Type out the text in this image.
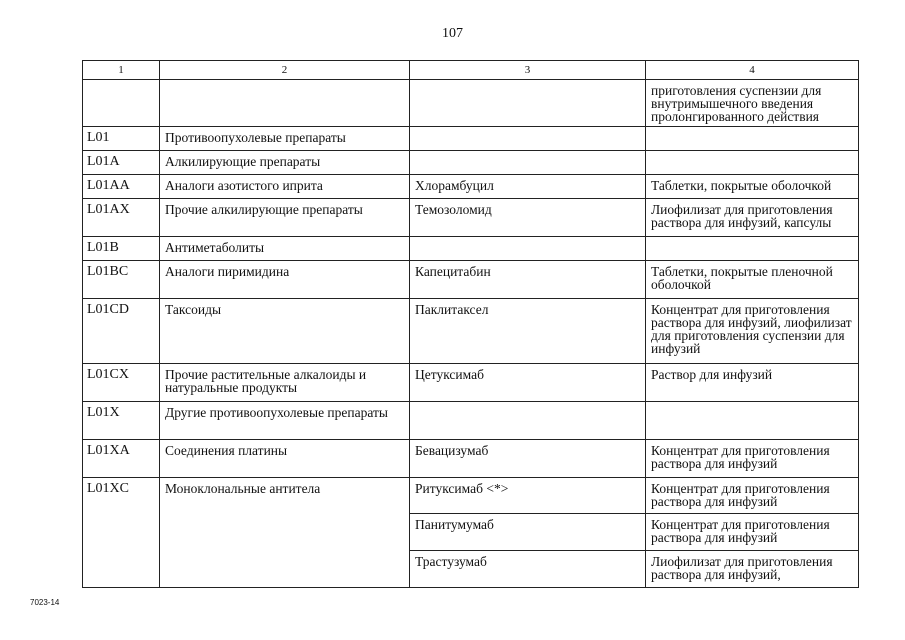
107
1	2	3	4
			приготовления суспензии для внутримышечного введения пролонгированного действия
L01	Противоопухолевые препараты		
L01A	Алкилирующие препараты		
L01AA	Аналоги азотистого иприта	Хлорамбуцил	Таблетки, покрытые оболочкой
L01AX	Прочие алкилирующие препараты	Темозоломид	Лиофилизат для приготовления раствора для инфузий, капсулы
L01B	Антиметаболиты		
L01BC	Аналоги пиримидина	Капецитабин	Таблетки, покрытые пленочной оболочкой
L01CD	Таксоиды	Паклитаксел	Концентрат для приготовления раствора для инфузий, лиофилизат для приготовления суспензии для инфузий
L01CX	Прочие растительные алкалоиды и натуральные продукты	Цетуксимаб	Раствор для инфузий
L01X	Другие противоопухолевые препараты		
L01XA	Соединения платины	Бевацизумаб	Концентрат для приготовления раствора для инфузий
L01XC	Моноклональные антитела	Ритуксимаб <*>	Концентрат для приготовления раствора для инфузий
		Панитумумаб	Концентрат для приготовления раствора для инфузий
		Трастузумаб	Лиофилизат для приготовления раствора для инфузий,
7023-14
